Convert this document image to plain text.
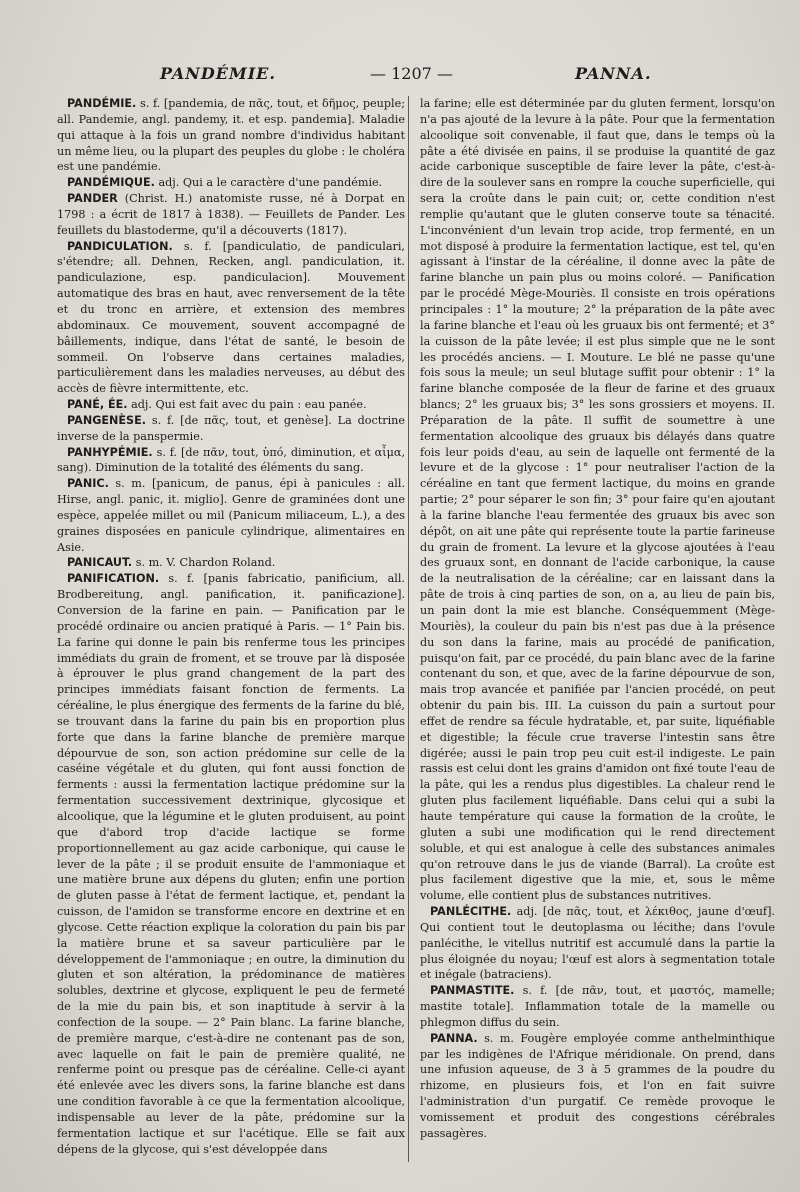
PANDÉMIE.	— 1207 —	PANNA.

PANDÉMIE. s. f. [pandemia, de πᾶς, tout, et δῆμος, peuple; all. Pandemie, angl. pandemy, it. et esp. pandemia]. Maladie qui attaque à la fois un grand nombre d'individus habitant un même lieu, ou la plupart des peuples du globe : le choléra est une pandémie.

PANDÉMIQUE. adj. Qui a le caractère d'une pandémie.

PANDER (Christ. H.) anatomiste russe, né à Dorpat en 1798 : a écrit de 1817 à 1838). — Feuillets de Pander. Les feuillets du blastoderme, qu'il a découverts (1817).

PANDICULATION. s. f. [pandiculatio, de pandiculari, s'étendre; all. Dehnen, Recken, angl. pandiculation, it. pandiculazione, esp. pandiculacion]. Mouvement automatique des bras en haut, avec renversement de la tête et du tronc en arrière, et extension des membres abdominaux. Ce mouvement, souvent accompagné de bâillements, indique, dans l'état de santé, le besoin de sommeil. On l'observe dans certaines maladies, particulièrement dans les maladies nerveuses, au début des accès de fièvre intermittente, etc.

PANÉ, ÉE. adj. Qui est fait avec du pain : eau panée.

PANGENÈSE. s. f. [de πᾶς, tout, et genèse]. La doctrine inverse de la panspermie.

PANHYPÉMIE. s. f. [de πᾶν, tout, ὑπό, diminution, et αἷμα, sang). Diminution de la totalité des éléments du sang.

PANIC. s. m. [panicum, de panus, épi à panicules : all. Hirse, angl. panic, it. miglio]. Genre de graminées dont une espèce, appelée millet ou mil (Panicum miliaceum, L.), a des graines disposées en panicule cylindrique, alimentaires en Asie.

PANICAUT. s. m. V. Chardon Roland.

PANIFICATION. s. f. [panis fabricatio, panificium, all. Brodbereitung, angl. panification, it. panificazione]. Conversion de la farine en pain. — Panification par le procédé ordinaire ou ancien pratiqué à Paris. — 1° Pain bis. La farine qui donne le pain bis renferme tous les principes immédiats du grain de froment, et se trouve par là disposée à éprouver le plus grand changement de la part des principes immédiats faisant fonction de ferments. La céréaline, le plus énergique des ferments de la farine du blé, se trouvant dans la farine du pain bis en proportion plus forte que dans la farine blanche de première marque dépourvue de son, son action prédomine sur celle de la caséine végétale et du gluten, qui font aussi fonction de ferments : aussi la fermentation lactique prédomine sur la fermentation successivement dextrinique, glycosique et alcoolique, que la légumine et le gluten produisent, au point que d'abord trop d'acide lactique se forme proportionnellement au gaz acide carbonique, qui cause le lever de la pâte ; il se produit ensuite de l'ammoniaque et une matière brune aux dépens du gluten; enfin une portion de gluten passe à l'état de ferment lactique, et, pendant la cuisson, de l'amidon se transforme encore en dextrine et en glycose. Cette réaction explique la coloration du pain bis par la matière brune et sa saveur particulière par le développement de l'ammoniaque ; en outre, la diminution du gluten et son altération, la prédominance de matières solubles, dextrine et glycose, expliquent le peu de fermeté de la mie du pain bis, et son inaptitude à servir à la confection de la soupe. — 2° Pain blanc. La farine blanche, de première marque, c'est-à-dire ne contenant pas de son, avec laquelle on fait le pain de première qualité, ne renferme point ou presque pas de céréaline. Celle-ci ayant été enlevée avec les divers sons, la farine blanche est dans une condition favorable à ce que la fermentation alcoolique, indispensable au lever de la pâte, prédomine sur la fermentation lactique et sur l'acétique. Elle se fait aux dépens de la glycose, qui s'est développée dans

la farine; elle est déterminée par du gluten ferment, lorsqu'on n'a pas ajouté de la levure à la pâte. Pour que la fermentation alcoolique soit convenable, il faut que, dans le temps où la pâte a été divisée en pains, il se produise la quantité de gaz acide carbonique susceptible de faire lever la pâte, c'est-à-dire de la soulever sans en rompre la couche superficielle, qui sera la croûte dans le pain cuit; or, cette condition n'est remplie qu'autant que le gluten conserve toute sa ténacité. L'inconvénient d'un levain trop acide, trop fermenté, en un mot disposé à produire la fermentation lactique, est tel, qu'en agissant à l'instar de la céréaline, il donne avec la pâte de farine blanche un pain plus ou moins coloré. — Panification par le procédé Mège-Mouriès. Il consiste en trois opérations principales : 1° la mouture; 2° la préparation de la pâte avec la farine blanche et l'eau où les gruaux bis ont fermenté; et 3° la cuisson de la pâte levée; il est plus simple que ne le sont les procédés anciens. — I. Mouture. Le blé ne passe qu'une fois sous la meule; un seul blutage suffit pour obtenir : 1° la farine blanche composée de la fleur de farine et des gruaux blancs; 2° les gruaux bis; 3° les sons grossiers et moyens. II. Préparation de la pâte. Il suffit de soumettre à une fermentation alcoolique des gruaux bis délayés dans quatre fois leur poids d'eau, au sein de laquelle ont fermenté de la levure et de la glycose : 1° pour neutraliser l'action de la céréaline en tant que ferment lactique, du moins en grande partie; 2° pour séparer le son fin; 3° pour faire qu'en ajoutant à la farine blanche l'eau fermentée des gruaux bis avec son dépôt, on ait une pâte qui représente toute la partie farineuse du grain de froment. La levure et la glycose ajoutées à l'eau des gruaux sont, en donnant de l'acide carbonique, la cause de la neutralisation de la céréaline; car en laissant dans la pâte de trois à cinq parties de son, on a, au lieu de pain bis, un pain dont la mie est blanche. Conséquemment (Mège-Mouriès), la couleur du pain bis n'est pas due à la présence du son dans la farine, mais au procédé de panification, puisqu'on fait, par ce procédé, du pain blanc avec de la farine contenant du son, et que, avec de la farine dépourvue de son, mais trop avancée et panifiée par l'ancien procédé, on peut obtenir du pain bis. III. La cuisson du pain a surtout pour effet de rendre sa fécule hydratable, et, par suite, liquéfiable et digestible; la fécule crue traverse l'intestin sans être digérée; aussi le pain trop peu cuit est-il indigeste. Le pain rassis est celui dont les grains d'amidon ont fixé toute l'eau de la pâte, qui les a rendus plus digestibles. La chaleur rend le gluten plus facilement liquéfiable. Dans celui qui a subi la haute température qui cause la formation de la croûte, le gluten a subi une modification qui le rend directement soluble, et qui est analogue à celle des substances animales qu'on retrouve dans le jus de viande (Barral). La croûte est plus facilement digestive que la mie, et, sous le même volume, elle contient plus de substances nutritives.

PANLÉCITHE. adj. [de πᾶς, tout, et λέκιθος, jaune d'œuf]. Qui contient tout le deutoplasma ou lécithe; dans l'ovule panlécithe, le vitellus nutritif est accumulé dans la partie la plus éloignée du noyau; l'œuf est alors à segmentation totale et inégale (batraciens).

PANMASTITE. s. f. [de πᾶν, tout, et μαστός, mamelle; mastite totale]. Inflammation totale de la mamelle ou phlegmon diffus du sein.

PANNA. s. m. Fougère employée comme anthelminthique par les indigènes de l'Afrique méridionale. On prend, dans une infusion aqueuse, de 3 à 5 grammes de la poudre du rhizome, en plusieurs fois, et l'on en fait suivre l'administration d'un purgatif. Ce remède provoque le vomissement et produit des congestions cérébrales passagères.
